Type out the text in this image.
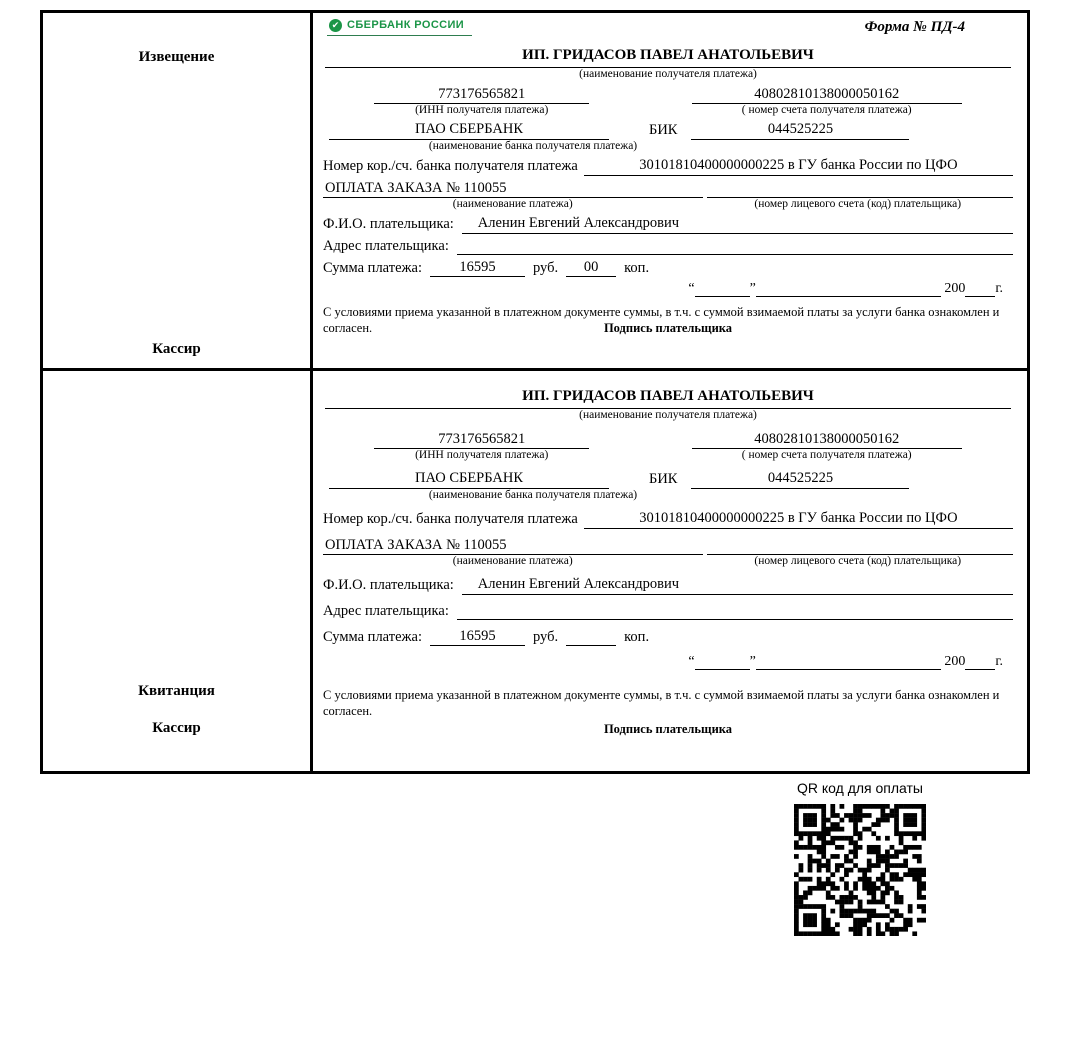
Извещение
Кассир
✔ СБЕРБАНК РОССИИ	Форма № ПД-4
ИП. ГРИДАСОВ ПАВЕЛ АНАТОЛЬЕВИЧ
(наименование получателя платежа)
773176565821	40802810138000050162
(ИНН получателя платежа)	( номер счета получателя платежа)
ПАО СБЕРБАНК	БИК	044525225
(наименование банка получателя платежа)
Номер кор./сч. банка получателя платежа	30101810400000000225 в ГУ банка России по ЦФО
ОПЛАТА ЗАКАЗА № 110055
(наименование платежа)	(номер лицевого счета (код) плательщика)
Ф.И.О. плательщика:	Аленин Евгений Александрович
Адрес плательщика:
Сумма платежа:	16595	руб.	00	коп.
“	”	200 г.
С условиями приема указанной в платежном документе суммы, в т.ч. с суммой взимаемой платы за услуги банка ознакомлен и согласен.	Подпись плательщика
Квитанция
Кассир
ИП. ГРИДАСОВ ПАВЕЛ АНАТОЛЬЕВИЧ
(наименование получателя платежа)
773176565821	40802810138000050162
(ИНН получателя платежа)	( номер счета получателя платежа)
ПАО СБЕРБАНК	БИК	044525225
(наименование банка получателя платежа)
Номер кор./сч. банка получателя платежа	30101810400000000225 в ГУ банка России по ЦФО
ОПЛАТА ЗАКАЗА № 110055
(наименование платежа)	(номер лицевого счета (код) плательщика)
Ф.И.О. плательщика:	Аленин Евгений Александрович
Адрес плательщика:
Сумма платежа:	16595	руб.	коп.
“	”	200 г.
С условиями приема указанной в платежном документе суммы, в т.ч. с суммой взимаемой платы за услуги банка ознакомлен и согласен.
Подпись плательщика
QR код для оплаты
